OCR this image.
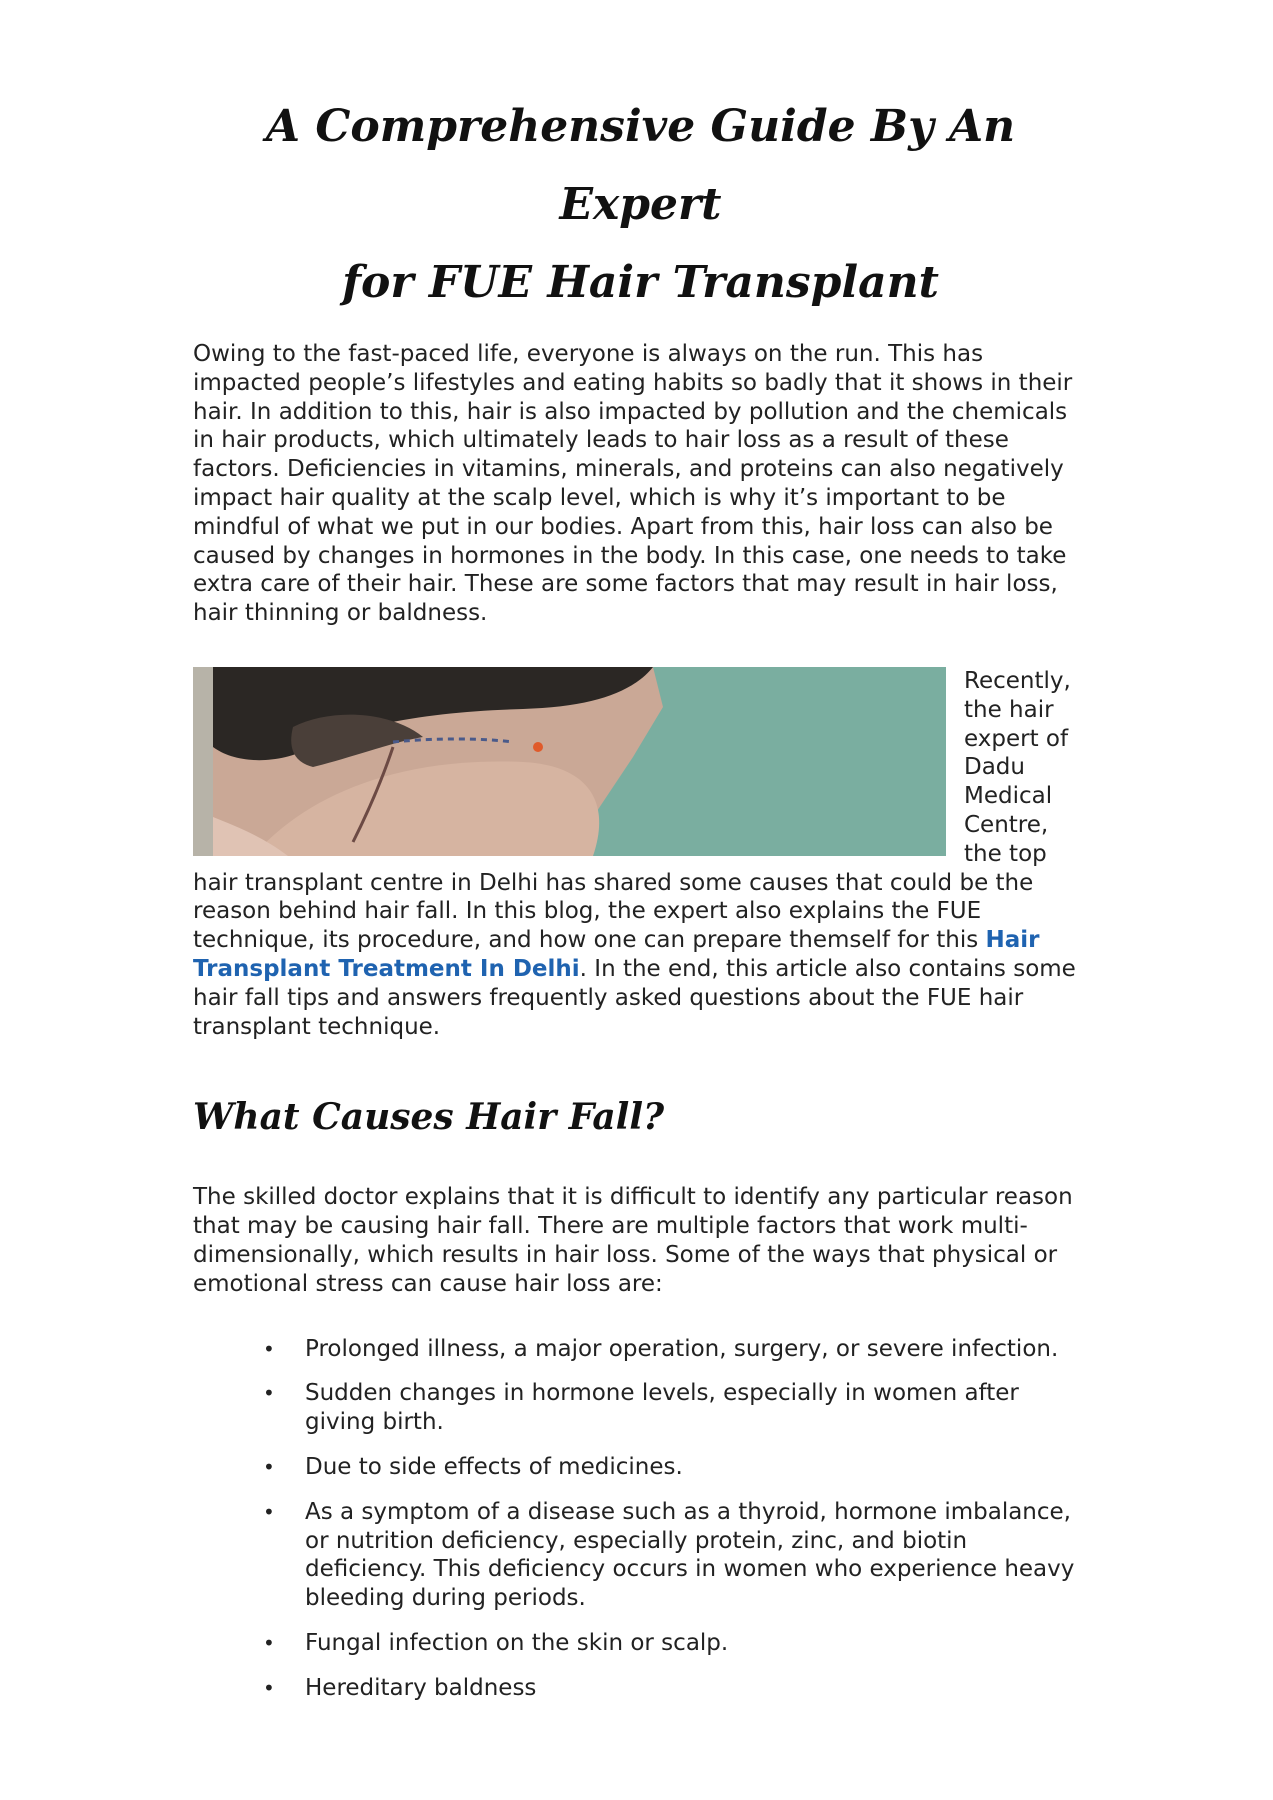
A Comprehensive Guide By An Expert
for FUE Hair Transplant

Owing to the fast-paced life, everyone is always on the run. This has impacted people’s lifestyles and eating habits so badly that it shows in their hair. In addition to this, hair is also impacted by pollution and the chemicals in hair products, which ultimately leads to hair loss as a result of these factors. Deficiencies in vitamins, minerals, and proteins can also negatively impact hair quality at the scalp level, which is why it’s important to be mindful of what we put in our bodies. Apart from this, hair loss can also be caused by changes in hormones in the body. In this case, one needs to take extra care of their hair. These are some factors that may result in hair loss, hair thinning or baldness.

Recently, the hair expert of Dadu Medical Centre, the top hair transplant centre in Delhi has shared some causes that could be the reason behind hair fall. In this blog, the expert also explains the FUE technique, its procedure, and how one can prepare themself for this Hair Transplant Treatment In Delhi. In the end, this article also contains some hair fall tips and answers frequently asked questions about the FUE hair transplant technique.

What Causes Hair Fall?

The skilled doctor explains that it is difficult to identify any particular reason that may be causing hair fall. There are multiple factors that work multi-dimensionally, which results in hair loss. Some of the ways that physical or emotional stress can cause hair loss are:

• Prolonged illness, a major operation, surgery, or severe infection.
• Sudden changes in hormone levels, especially in women after giving birth.
• Due to side effects of medicines.
• As a symptom of a disease such as a thyroid, hormone imbalance, or nutrition deficiency, especially protein, zinc, and biotin deficiency. This deficiency occurs in women who experience heavy bleeding during periods.
• Fungal infection on the skin or scalp.
• Hereditary baldness
